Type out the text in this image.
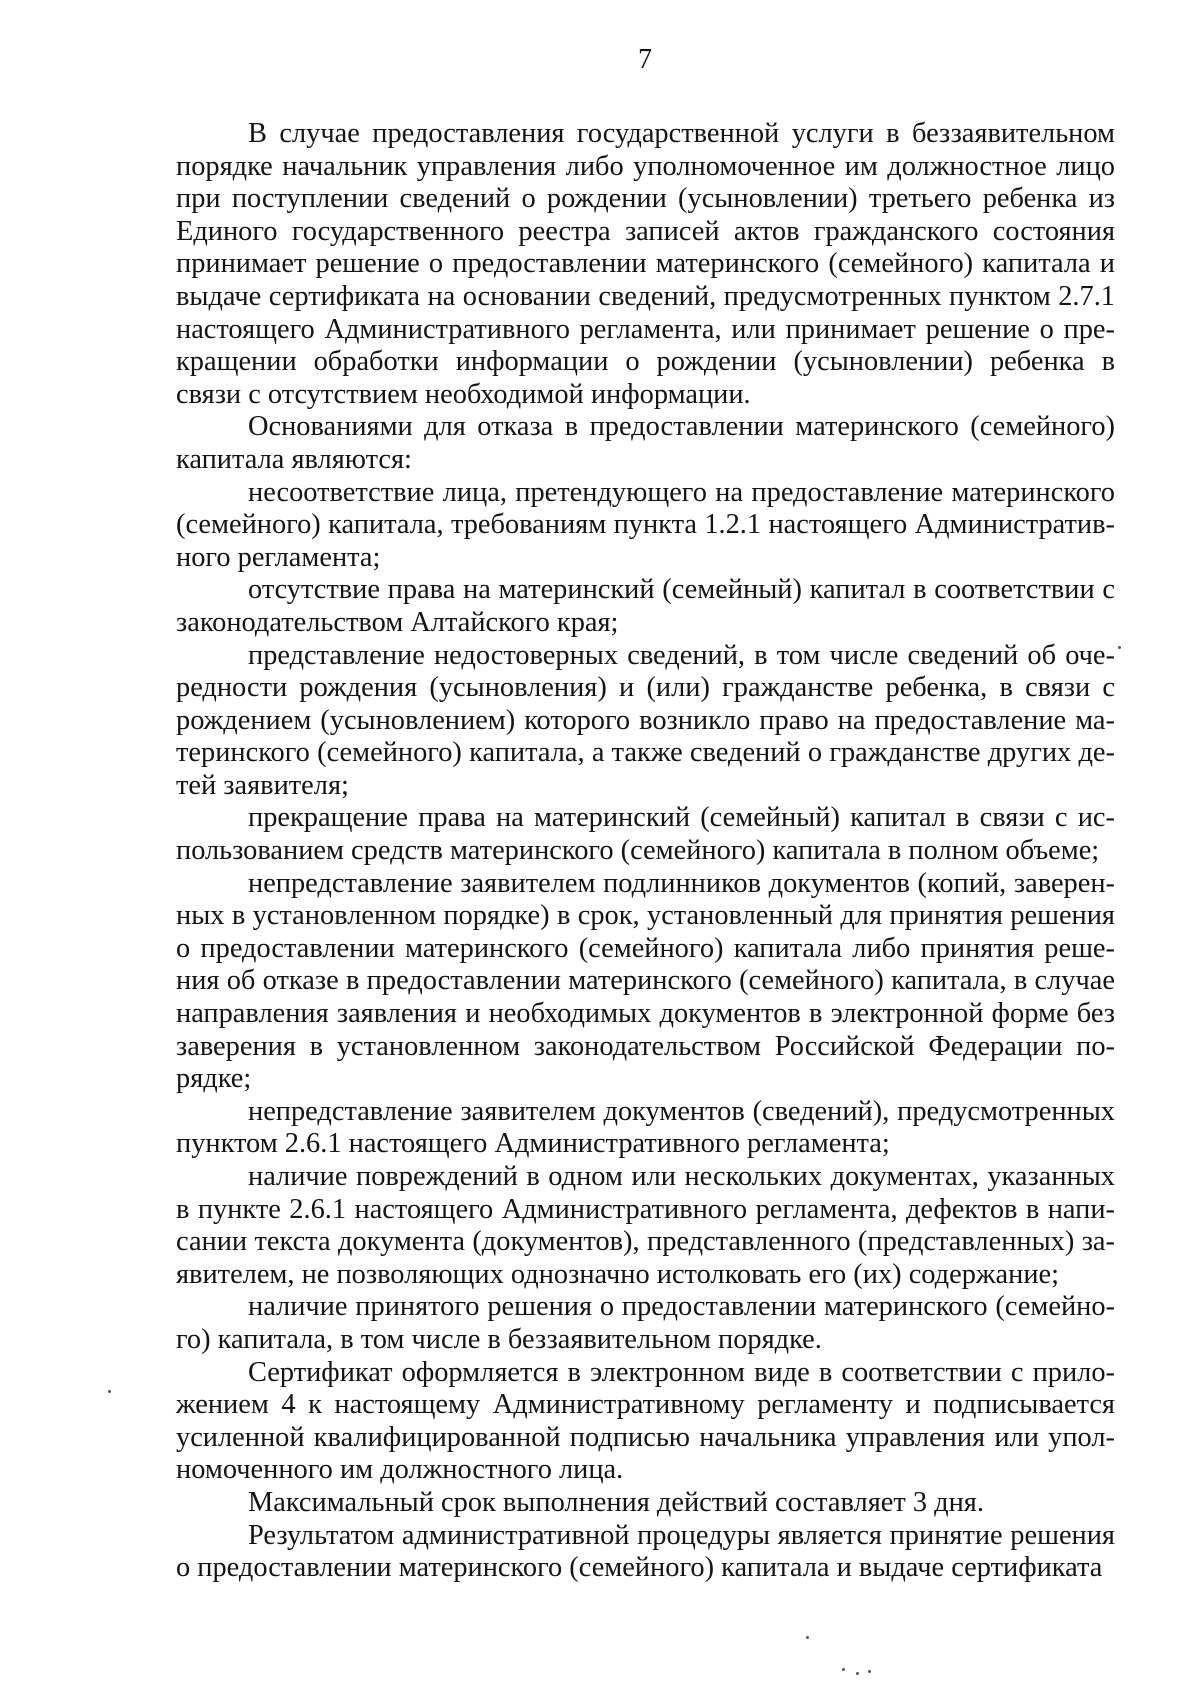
7

В случае предоставления государственной услуги в беззаявительном порядке начальник управления либо уполномоченное им должностное лицо при поступлении сведений о рождении (усыновлении) третьего ребенка из Единого государственного реестра записей актов гражданского состояния принимает решение о предоставлении материнского (семейного) капитала и выдаче сертификата на основании сведений, предусмотренных пунктом 2.7.1 настоящего Административного регламента, или принимает решение о прекращении обработки информации о рождении (усыновлении) ребенка в связи с отсутствием необходимой информации.

Основаниями для отказа в предоставлении материнского (семейного) капитала являются:

несоответствие лица, претендующего на предоставление материнского (семейного) капитала, требованиям пункта 1.2.1 настоящего Административного регламента;

отсутствие права на материнский (семейный) капитал в соответствии с законодательством Алтайского края;

представление недостоверных сведений, в том числе сведений об очередности рождения (усыновления) и (или) гражданстве ребенка, в связи с рождением (усыновлением) которого возникло право на предоставление материнского (семейного) капитала, а также сведений о гражданстве других детей заявителя;

прекращение права на материнский (семейный) капитал в связи с использованием средств материнского (семейного) капитала в полном объеме;

непредставление заявителем подлинников документов (копий, заверенных в установленном порядке) в срок, установленный для принятия решения о предоставлении материнского (семейного) капитала либо принятия решения об отказе в предоставлении материнского (семейного) капитала, в случае направления заявления и необходимых документов в электронной форме без заверения в установленном законодательством Российской Федерации порядке;

непредставление заявителем документов (сведений), предусмотренных пунктом 2.6.1 настоящего Административного регламента;

наличие повреждений в одном или нескольких документах, указанных в пункте 2.6.1 настоящего Административного регламента, дефектов в написании текста документа (документов), представленного (представленных) заявителем, не позволяющих однозначно истолковать его (их) содержание;

наличие принятого решения о предоставлении материнского (семейного) капитала, в том числе в беззаявительном порядке.

Сертификат оформляется в электронном виде в соответствии с приложением 4 к настоящему Административному регламенту и подписывается усиленной квалифицированной подписью начальника управления или уполномоченного им должностного лица.

Максимальный срок выполнения действий составляет 3 дня.

Результатом административной процедуры является принятие решения о предоставлении материнского (семейного) капитала и выдаче сертификата
